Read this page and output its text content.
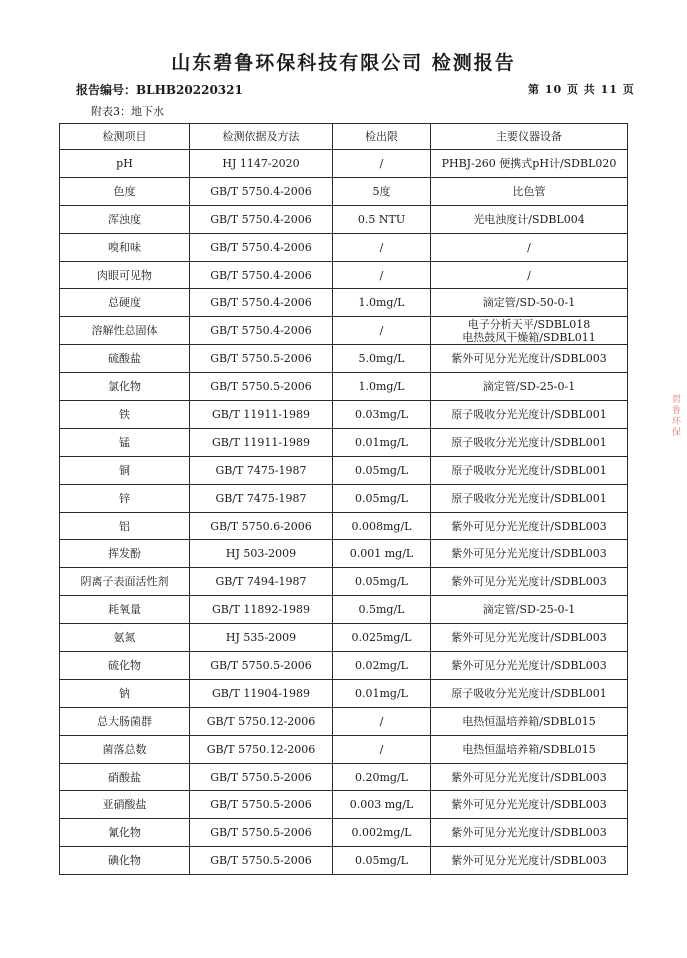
山东碧鲁环保科技有限公司 检测报告
报告编号：BLHB20220321	第 10 页 共 11 页
附表3：地下水
检测项目	检测依据及方法	检出限	主要仪器设备
pH	HJ 1147-2020	/	PHBJ-260 便携式pH计/SDBL020
色度	GB/T 5750.4-2006	5度	比色管
浑浊度	GB/T 5750.4-2006	0.5 NTU	光电浊度计/SDBL004
嗅和味	GB/T 5750.4-2006	/	/
肉眼可见物	GB/T 5750.4-2006	/	/
总硬度	GB/T 5750.4-2006	1.0mg/L	滴定管/SD-50-0-1
溶解性总固体	GB/T 5750.4-2006	/	电子分析天平/SDBL018
电热鼓风干燥箱/SDBL011
硫酸盐	GB/T 5750.5-2006	5.0mg/L	紫外可见分光光度计/SDBL003
氯化物	GB/T 5750.5-2006	1.0mg/L	滴定管/SD-25-0-1
铁	GB/T 11911-1989	0.03mg/L	原子吸收分光光度计/SDBL001
锰	GB/T 11911-1989	0.01mg/L	原子吸收分光光度计/SDBL001
铜	GB/T 7475-1987	0.05mg/L	原子吸收分光光度计/SDBL001
锌	GB/T 7475-1987	0.05mg/L	原子吸收分光光度计/SDBL001
铝	GB/T 5750.6-2006	0.008mg/L	紫外可见分光光度计/SDBL003
挥发酚	HJ 503-2009	0.001 mg/L	紫外可见分光光度计/SDBL003
阴离子表面活性剂	GB/T 7494-1987	0.05mg/L	紫外可见分光光度计/SDBL003
耗氧量	GB/T 11892-1989	0.5mg/L	滴定管/SD-25-0-1
氨氮	HJ 535-2009	0.025mg/L	紫外可见分光光度计/SDBL003
硫化物	GB/T 5750.5-2006	0.02mg/L	紫外可见分光光度计/SDBL003
钠	GB/T 11904-1989	0.01mg/L	原子吸收分光光度计/SDBL001
总大肠菌群	GB/T 5750.12-2006	/	电热恒温培养箱/SDBL015
菌落总数	GB/T 5750.12-2006	/	电热恒温培养箱/SDBL015
硝酸盐	GB/T 5750.5-2006	0.20mg/L	紫外可见分光光度计/SDBL003
亚硝酸盐	GB/T 5750.5-2006	0.003 mg/L	紫外可见分光光度计/SDBL003
氰化物	GB/T 5750.5-2006	0.002mg/L	紫外可见分光光度计/SDBL003
碘化物	GB/T 5750.5-2006	0.05mg/L	紫外可见分光光度计/SDBL003
碧
鲁
环
保
